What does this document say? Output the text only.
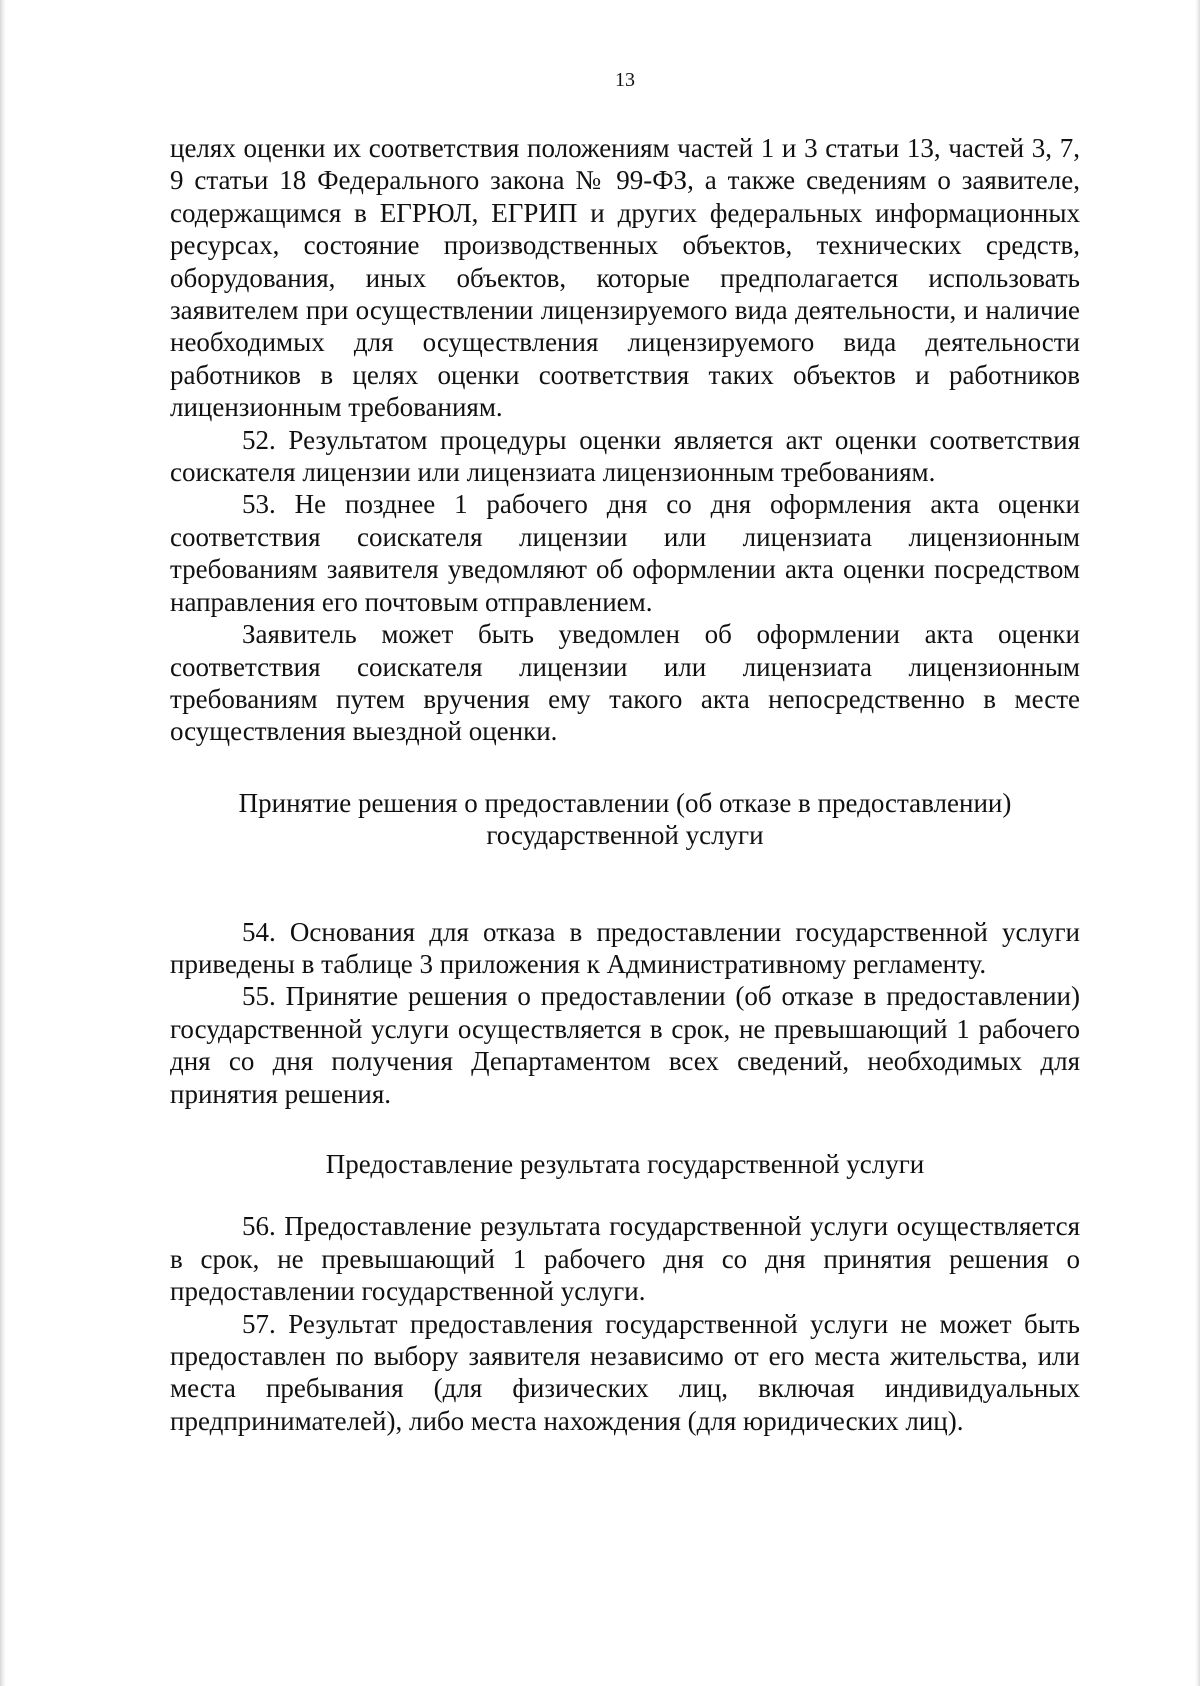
13

целях оценки их соответствия положениям частей 1 и 3 статьи 13, частей 3, 7, 9 статьи 18 Федерального закона № 99-ФЗ, а также сведениям о заявителе, содержащимся в ЕГРЮЛ, ЕГРИП и других федеральных информационных ресурсах, состояние производственных объектов, технических средств, оборудования, иных объектов, которые предполагается использовать заявителем при осуществлении лицензируемого вида деятельности, и наличие необходимых для осуществления лицензируемого вида деятельности работников в целях оценки соответствия таких объектов и работников лицензионным требованиям.

52. Результатом процедуры оценки является акт оценки соответствия соискателя лицензии или лицензиата лицензионным требованиям.

53. Не позднее 1 рабочего дня со дня оформления акта оценки соответствия соискателя лицензии или лицензиата лицензионным требованиям заявителя уведомляют об оформлении акта оценки посредством направления его почтовым отправлением.

Заявитель может быть уведомлен об оформлении акта оценки соответствия соискателя лицензии или лицензиата лицензионным требованиям путем вручения ему такого акта непосредственно в месте осуществления выездной оценки.

Принятие решения о предоставлении (об отказе в предоставлении)
государственной услуги

54. Основания для отказа в предоставлении государственной услуги приведены в таблице 3 приложения к Административному регламенту.

55. Принятие решения о предоставлении (об отказе в предоставлении) государственной услуги осуществляется в срок, не превышающий 1 рабочего дня со дня получения Департаментом всех сведений, необходимых для принятия решения.

Предоставление результата государственной услуги

56. Предоставление результата государственной услуги осуществляется в срок, не превышающий 1 рабочего дня со дня принятия решения о предоставлении государственной услуги.

57. Результат предоставления государственной услуги не может быть предоставлен по выбору заявителя независимо от его места жительства, или места пребывания (для физических лиц, включая индивидуальных предпринимателей), либо места нахождения (для юридических лиц).
